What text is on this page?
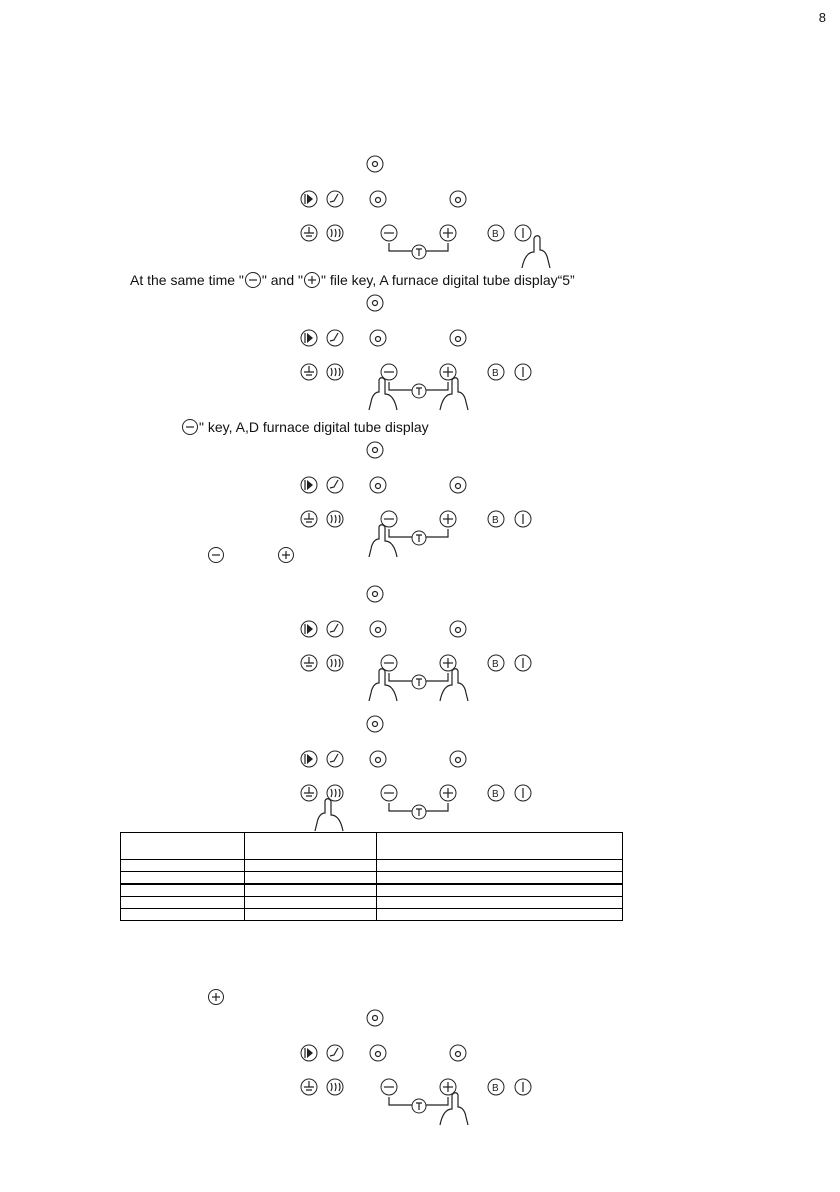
8
At the same time " " and " " file key, A furnace digital tube display“5”
" key, A,D furnace digital tube display
B
B
B
B
B

B
